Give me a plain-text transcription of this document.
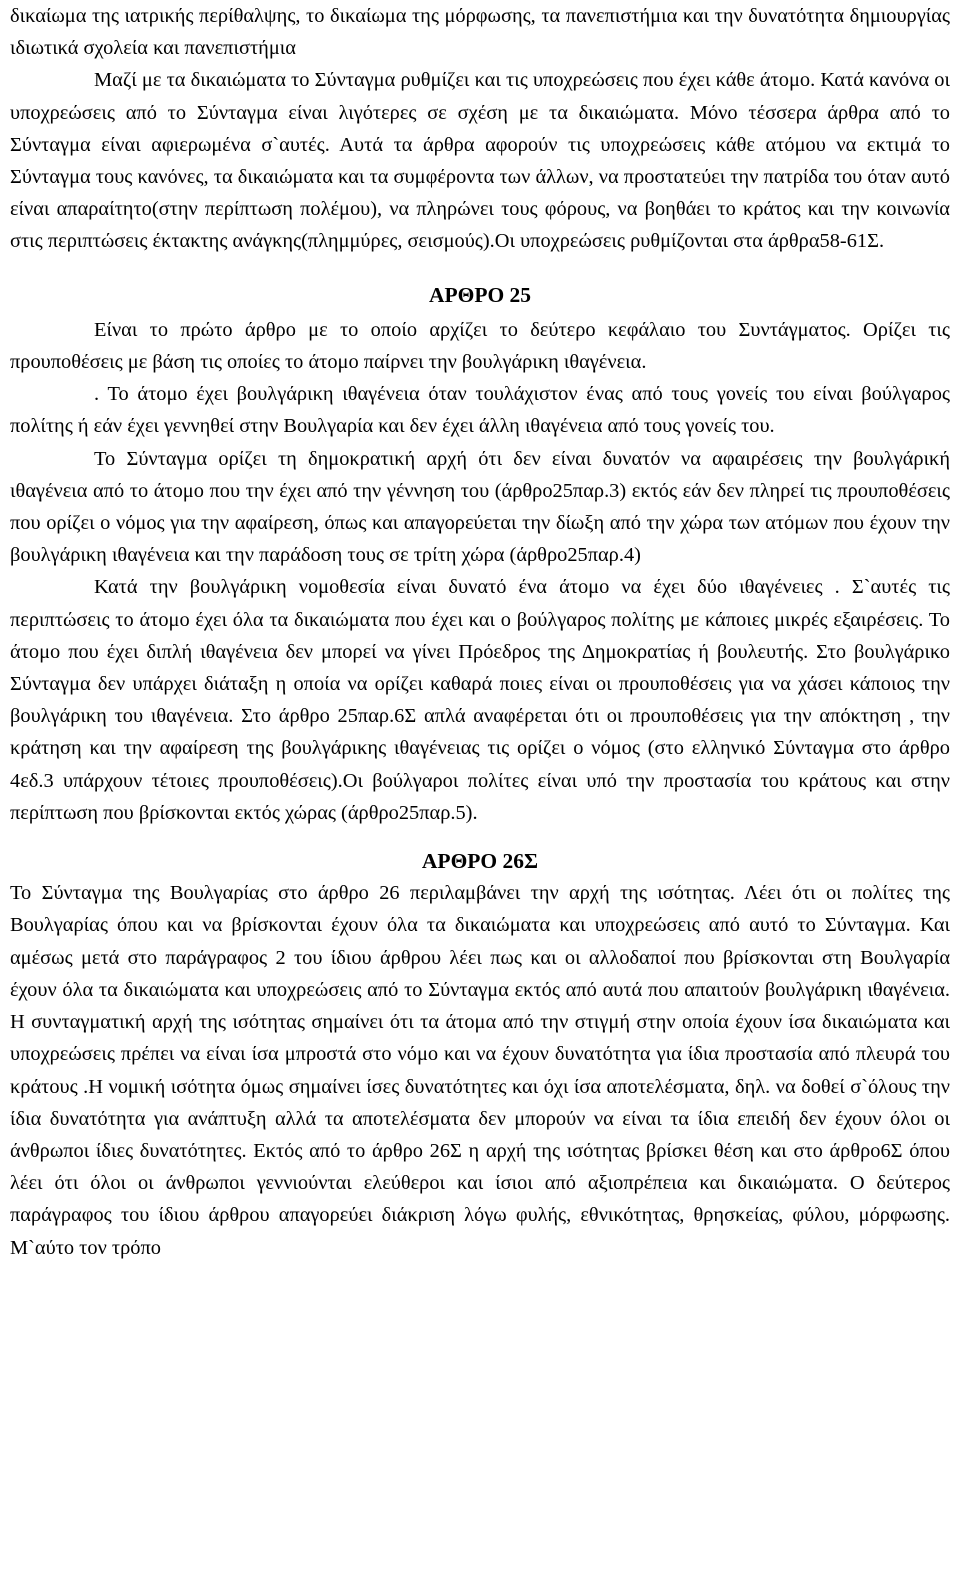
δικαίωμα της ιατρικής περίθαλψης, το δικαίωμα της μόρφωσης, τα πανεπιστήμια και την δυνατότητα δημιουργίας ιδιωτικά σχολεία και πανεπιστήμια

Μαζί με τα δικαιώματα το Σύνταγμα ρυθμίζει και τις υποχρεώσεις που έχει κάθε άτομο. Κατά κανόνα οι υποχρεώσεις από το Σύνταγμα είναι λιγότερες σε σχέση με τα δικαιώματα. Μόνο τέσσερα άρθρα από το Σύνταγμα είναι αφιερωμένα σ`αυτές. Αυτά τα άρθρα αφορούν τις υποχρεώσεις κάθε ατόμου να εκτιμά το Σύνταγμα τους κανόνες, τα δικαιώματα και τα συμφέροντα των άλλων, να προστατεύει την πατρίδα του όταν αυτό είναι απαραίτητο(στην περίπτωση πολέμου), να πληρώνει τους φόρους, να βοηθάει το κράτος και την κοινωνία στις περιπτώσεις έκτακτης ανάγκης(πλημμύρες, σεισμούς).Οι υποχρεώσεις ρυθμίζονται στα άρθρα58-61Σ.

ΑΡΘΡΟ 25

Είναι το πρώτο άρθρο με το οποίο αρχίζει το δεύτερο κεφάλαιο του Συντάγματος. Ορίζει τις προυποθέσεις με βάση τις οποίες το άτομο παίρνει την βουλγάρικη ιθαγένεια.

. Το άτομο έχει βουλγάρικη ιθαγένεια όταν τουλάχιστον ένας από τους γονείς του είναι βούλγαρος πολίτης ή εάν έχει γεννηθεί στην Βουλγαρία και δεν έχει άλλη ιθαγένεια από τους γονείς του.

Το Σύνταγμα ορίζει τη δημοκρατική αρχή ότι δεν είναι δυνατόν να αφαιρέσεις την βουλγάρική ιθαγένεια από το άτομο που την έχει από την γέννηση του (άρθρο25παρ.3) εκτός εάν δεν πληρεί τις προυποθέσεις που ορίζει ο νόμος για την αφαίρεση, όπως και απαγορεύεται την δίωξη από την χώρα των ατόμων που έχουν την βουλγάρικη ιθαγένεια και την παράδοση τους σε τρίτη χώρα (άρθρο25παρ.4)

Κατά την βουλγάρικη νομοθεσία είναι δυνατό ένα άτομο να έχει δύο ιθαγένειες . Σ`αυτές τις περιπτώσεις το άτομο έχει όλα τα δικαιώματα που έχει και ο βούλγαρος πολίτης με κάποιες μικρές εξαιρέσεις. Το άτομο που έχει διπλή ιθαγένεια δεν μπορεί να γίνει Πρόεδρος της Δημοκρατίας ή βουλευτής. Στο βουλγάρικο Σύνταγμα δεν υπάρχει διάταξη η οποία να ορίζει καθαρά ποιες είναι οι προυποθέσεις για να χάσει κάποιος την βουλγάρικη του ιθαγένεια. Στο άρθρο 25παρ.6Σ απλά αναφέρεται ότι οι προυποθέσεις για την απόκτηση , την κράτηση και την αφαίρεση της βουλγάρικης ιθαγένειας τις ορίζει ο νόμος (στο ελληνικό Σύνταγμα στο άρθρο 4εδ.3 υπάρχουν τέτοιες προυποθέσεις).Οι βούλγαροι πολίτες είναι υπό την προστασία του κράτους και στην περίπτωση που βρίσκονται εκτός χώρας (άρθρο25παρ.5).

ΑΡΘΡΟ 26Σ

Το Σύνταγμα της Βουλγαρίας στο άρθρο 26 περιλαμβάνει την αρχή της ισότητας. Λέει ότι οι πολίτες της Βουλγαρίας όπου και να βρίσκονται έχουν όλα τα δικαιώματα και υποχρεώσεις από αυτό το Σύνταγμα. Και αμέσως μετά στο παράγραφος 2 του ίδιου άρθρου λέει πως και οι αλλοδαποί που βρίσκονται στη Βουλγαρία έχουν όλα τα δικαιώματα και υποχρεώσεις από το Σύνταγμα εκτός από αυτά που απαιτούν βουλγάρικη ιθαγένεια. Η συνταγματική αρχή της ισότητας σημαίνει ότι τα άτομα από την στιγμή στην οποία έχουν ίσα δικαιώματα και υποχρεώσεις πρέπει να είναι ίσα μπροστά στο νόμο και να έχουν δυνατότητα για ίδια προστασία από πλευρά του κράτους .Η νομική ισότητα όμως σημαίνει ίσες δυνατότητες και όχι ίσα αποτελέσματα, δηλ. να δοθεί σ`όλους την ίδια δυνατότητα για ανάπτυξη αλλά τα αποτελέσματα δεν μπορούν να είναι τα ίδια επειδή δεν έχουν όλοι οι άνθρωποι ίδιες δυνατότητες. Εκτός από το άρθρο 26Σ η αρχή της ισότητας βρίσκει θέση και στο άρθρο6Σ όπου λέει ότι όλοι οι άνθρωποι γεννιούνται ελεύθεροι και ίσιοι από αξιοπρέπεια και δικαιώματα. Ο δεύτερος παράγραφος του ίδιου άρθρου απαγορεύει διάκριση λόγω φυλής, εθνικότητας, θρησκείας, φύλου, μόρφωσης. Μ`αύτο τον τρόπο
